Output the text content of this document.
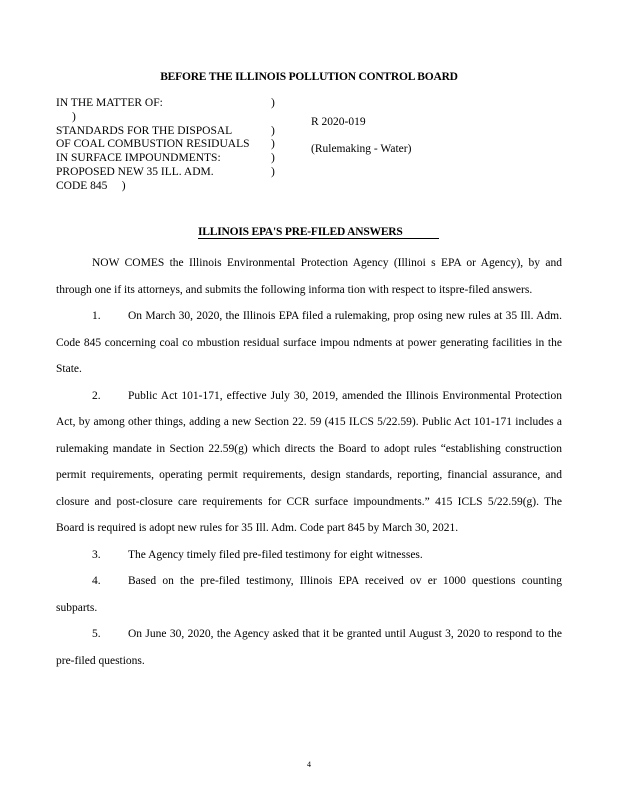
BEFORE THE ILLINOIS POLLUTION CONTROL BOARD
IN THE MATTER OF:
)
STANDARDS FOR THE DISPOSAL
OF COAL COMBUSTION RESIDUALS
IN SURFACE IMPOUNDMENTS:
PROPOSED NEW 35 ILL. ADM.
CODE 845     )
)
)
)
)
)
R 2020-019
(Rulemaking - Water)
ILLINOIS EPA'S PRE-FILED ANSWERS

NOW COMES the Illinois Environmental Protection Agency (Illinoi s EPA or Agency), by and through one if its attorneys, and submits the following informa tion with respect to itspre-filed answers.

1. On March 30, 2020, the Illinois EPA filed a rulemaking, prop osing new rules at 35 Ill. Adm. Code 845 concerning coal co mbustion residual surface impou ndments at power generating facilities in the State.

2. Public Act 101-171, effective July 30, 2019, amended the Illinois Environmental Protection Act, by among other things, adding a new Section 22. 59 (415 ILCS 5/22.59). Public Act 101-171 includes a rulemaking mandate in Section 22.59(g) which directs the Board to adopt rules “establishing construction permit requirements, operating permit requirements, design standards, reporting, financial assurance, and closure and post-closure care requirements for CCR surface impoundments.” 415 ICLS 5/22.59(g). The Board is required is adopt new rules for 35 Ill. Adm. Code part 845 by March 30, 2021.

3. The Agency timely filed pre-filed testimony for eight witnesses.

4. Based on the pre-filed testimony, Illinois EPA received ov er 1000 questions counting subparts.

5. On June 30, 2020, the Agency asked that it be granted until August 3, 2020 to respond to the pre-filed questions.

4
